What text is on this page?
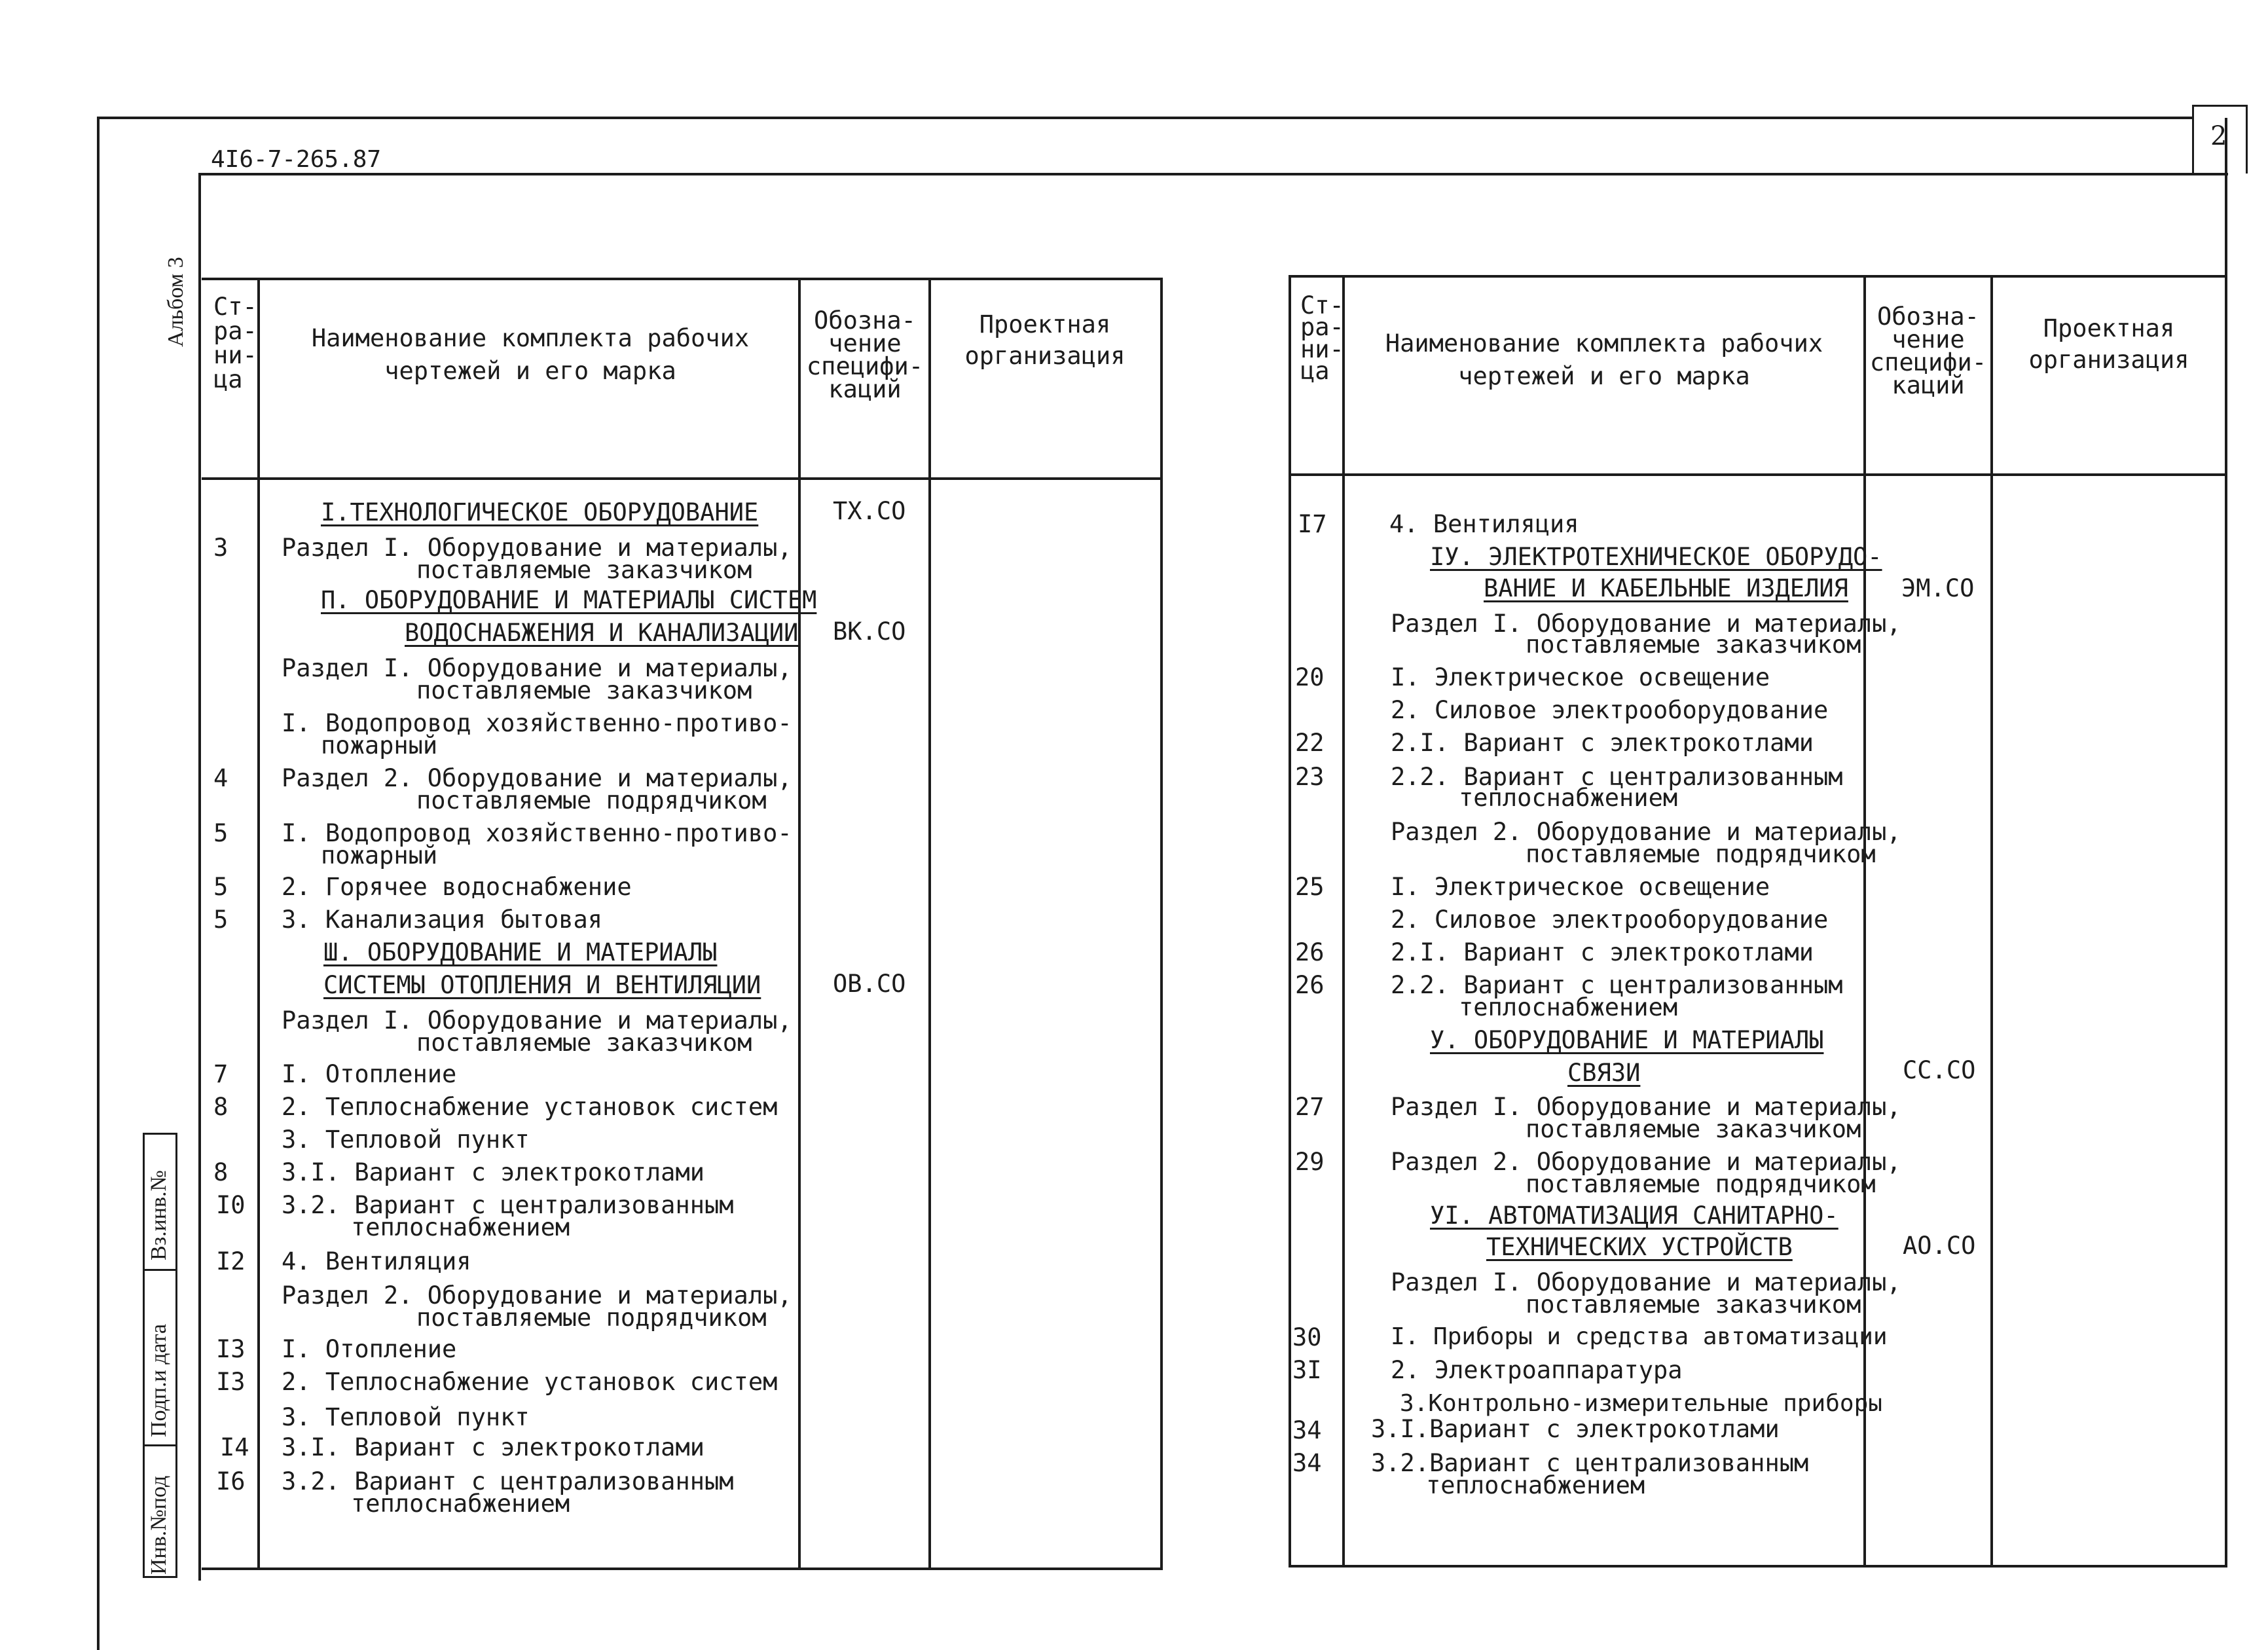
2
4I6-7-265.87
Альбом 3
Вз.инв.№
Подп.и дата
Инв.№под
Ст-
ра-
ни-
ца
Наименование комплекта рабочих
чертежей и его марка
Обозна-
чение
специфи-
каций
Проектная
организация
3
4
5
5
5
7
8
8
I0
I2
I3
I3
I4
I6
ТХ.СО
ВК.СО
ОВ.СО
I.ТЕХНОЛОГИЧЕСКОЕ ОБОРУДОВАНИЕ
Раздел I. Оборудование и материалы,
поставляемые заказчиком
П. ОБОРУДОВАНИЕ И МАТЕРИАЛЫ СИСТЕМ
ВОДОСНАБЖЕНИЯ И КАНАЛИЗАЦИИ
Раздел I. Оборудование и материалы,
поставляемые заказчиком
I. Водопровод хозяйственно-противо-
пожарный
Раздел 2. Оборудование и материалы,
поставляемые подрядчиком
I. Водопровод хозяйственно-противо-
пожарный
2. Горячее водоснабжение
3. Канализация бытовая
Ш. ОБОРУДОВАНИЕ И МАТЕРИАЛЫ
СИСТЕМЫ ОТОПЛЕНИЯ И ВЕНТИЛЯЦИИ
Раздел I. Оборудование и материалы,
поставляемые заказчиком
I. Отопление
2. Теплоснабжение установок систем
3. Тепловой пункт
3.I. Вариант с электрокотлами
3.2. Вариант с централизованным
теплоснабжением
4. Вентиляция
Раздел 2. Оборудование и материалы,
поставляемые подрядчиком
I. Отопление
2. Теплоснабжение установок систем
3. Тепловой пункт
3.I. Вариант с электрокотлами
3.2. Вариант с централизованным
теплоснабжением
Ст-
ра-
ни-
ца
Наименование комплекта рабочих
чертежей и его марка
Обозна-
чение
специфи-
каций
Проектная
организация
I7
20
22
23
25
26
26
27
29
30
3I
34
34
ЭМ.СО
СС.СО
АО.СО
4. Вентиляция
IУ. ЭЛЕКТРОТЕХНИЧЕСКОЕ ОБОРУДО-
ВАНИЕ И КАБЕЛЬНЫЕ ИЗДЕЛИЯ
Раздел I. Оборудование и материалы,
поставляемые заказчиком
I. Электрическое освещение
2. Силовое электрооборудование
2.I. Вариант с электрокотлами
2.2. Вариант с централизованным
теплоснабжением
Раздел 2. Оборудование и материалы,
поставляемые подрядчиком
I. Электрическое освещение
2. Силовое электрооборудование
2.I. Вариант с электрокотлами
2.2. Вариант с централизованным
теплоснабжением
У. ОБОРУДОВАНИЕ И МАТЕРИАЛЫ
СВЯЗИ
Раздел I. Оборудование и материалы,
поставляемые заказчиком
Раздел 2. Оборудование и материалы,
поставляемые подрядчиком
УI. АВТОМАТИЗАЦИЯ САНИТАРНО-
ТЕХНИЧЕСКИХ УСТРОЙСТВ
Раздел I. Оборудование и материалы,
поставляемые заказчиком
I. Приборы и средства автоматизации
2. Электроаппаратура
3.Контрольно-измерительные приборы
3.I.Вариант с электрокотлами
3.2.Вариант с централизованным
теплоснабжением
